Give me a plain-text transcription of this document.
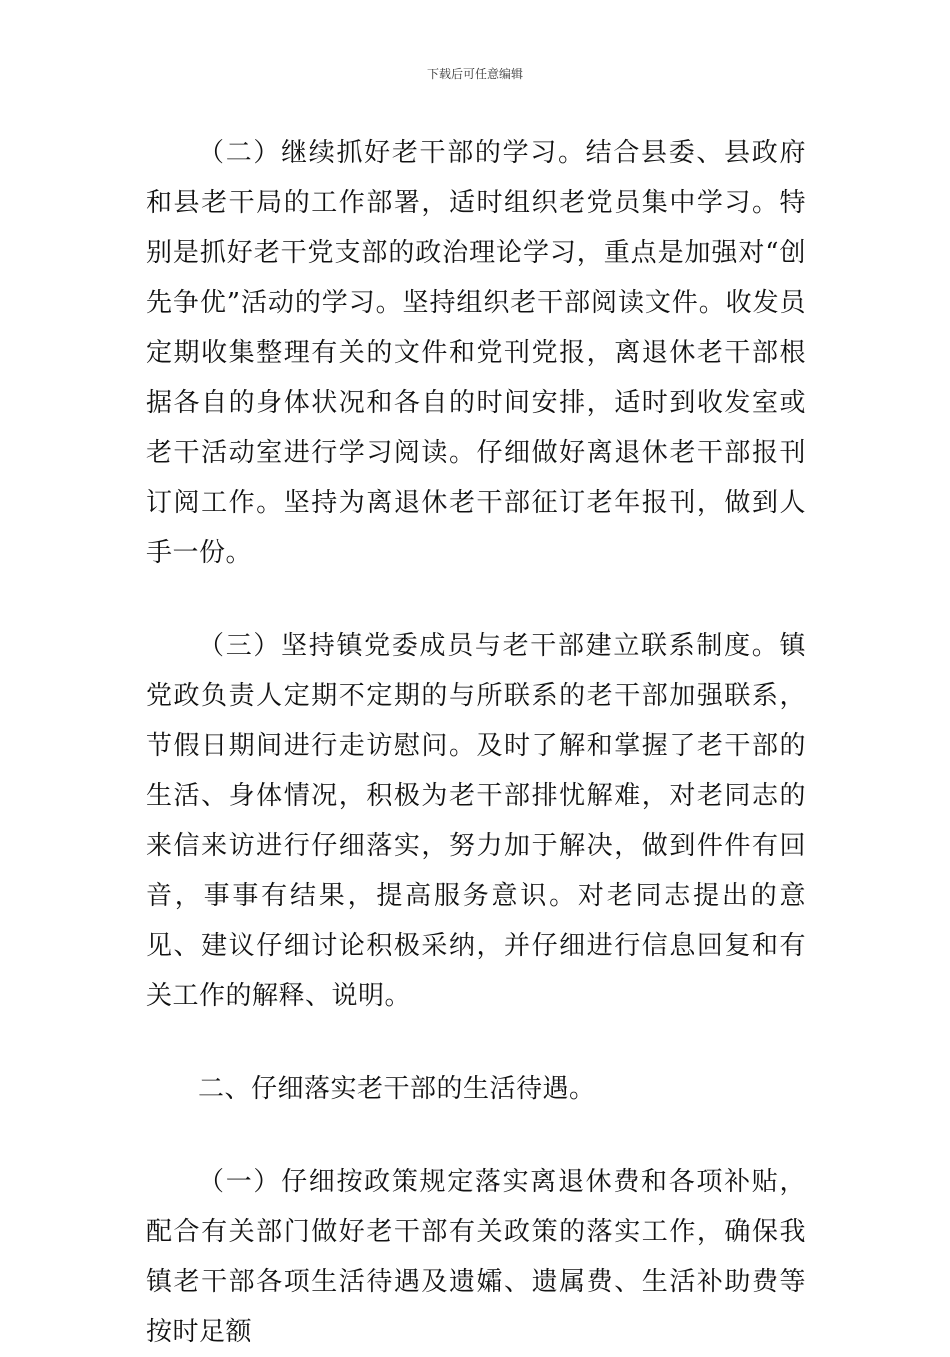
下载后可任意编辑

（二）继续抓好老干部的学习。结合县委、县政府和县老干局的工作部署，适时组织老党员集中学习。特别是抓好老干党支部的政治理论学习，重点是加强对“创先争优”活动的学习。坚持组织老干部阅读文件。收发员定期收集整理有关的文件和党刊党报，离退休老干部根据各自的身体状况和各自的时间安排，适时到收发室或老干活动室进行学习阅读。仔细做好离退休老干部报刊订阅工作。坚持为离退休老干部征订老年报刊，做到人手一份。

（三）坚持镇党委成员与老干部建立联系制度。镇党政负责人定期不定期的与所联系的老干部加强联系，节假日期间进行走访慰问。及时了解和掌握了老干部的生活、身体情况，积极为老干部排忧解难，对老同志的来信来访进行仔细落实，努力加于解决，做到件件有回音，事事有结果，提高服务意识。对老同志提出的意见、建议仔细讨论积极采纳，并仔细进行信息回复和有关工作的解释、说明。

二、仔细落实老干部的生活待遇。

（一）仔细按政策规定落实离退休费和各项补贴，配合有关部门做好老干部有关政策的落实工作，确保我镇老干部各项生活待遇及遗孀、遗属费、生活补助费等按时足额
